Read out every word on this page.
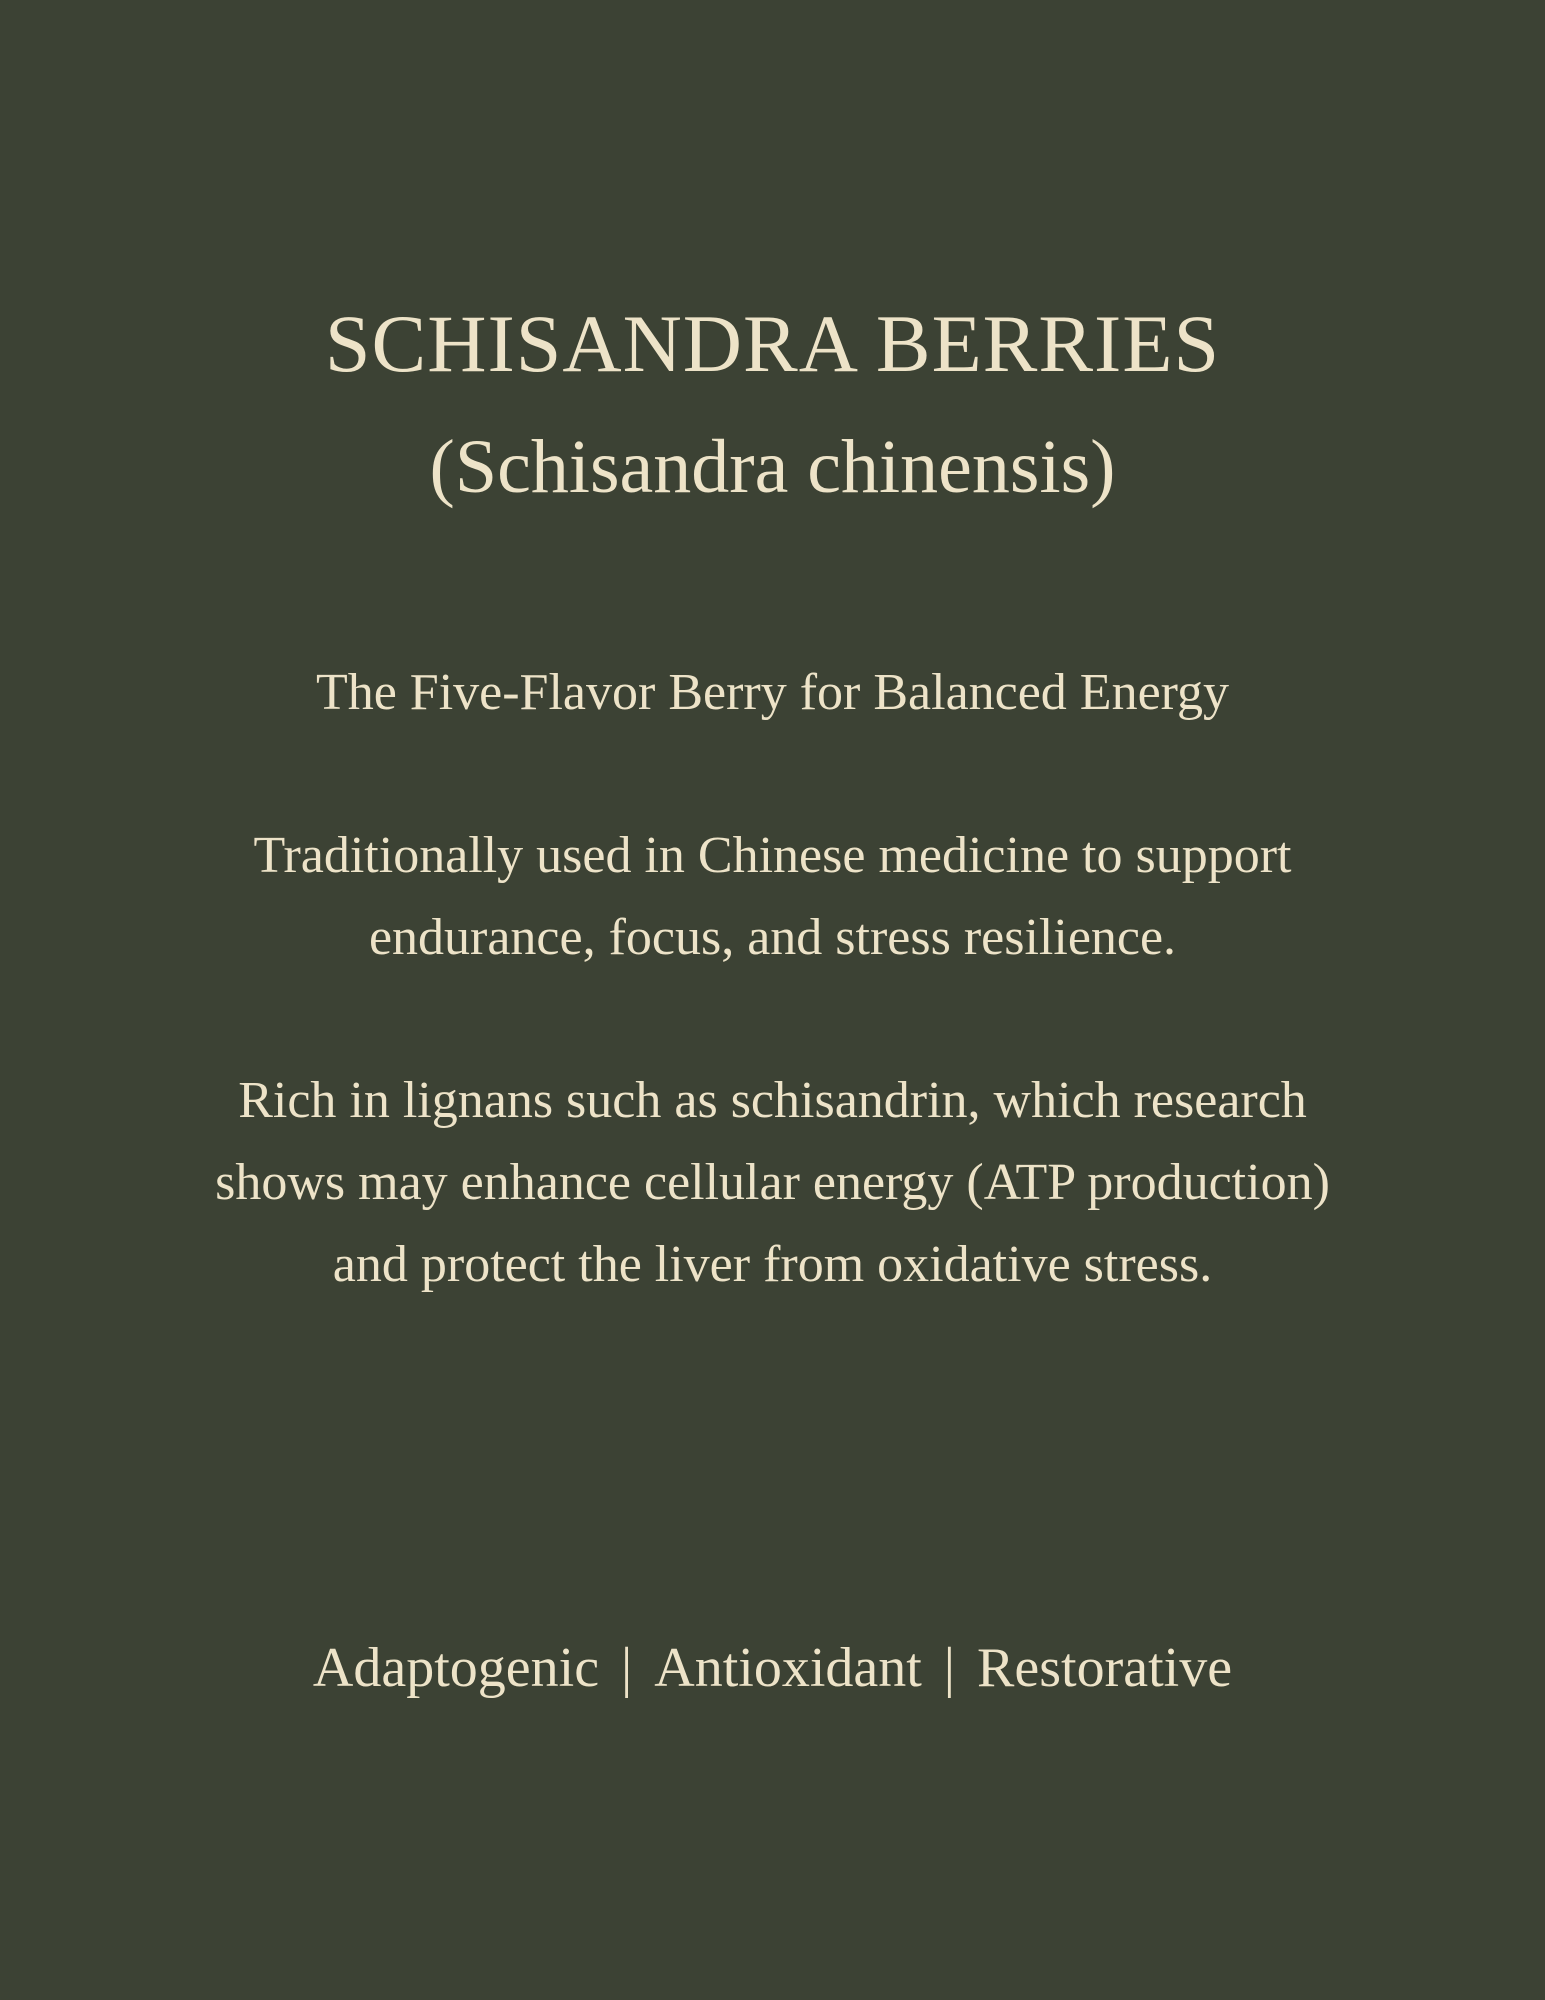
SCHISANDRA BERRIES
(Schisandra chinensis)

The Five-Flavor Berry for Balanced Energy

Traditionally used in Chinese medicine to support endurance, focus, and stress resilience.

Rich in lignans such as schisandrin, which research shows may enhance cellular energy (ATP production) and protect the liver from oxidative stress.

Adaptogenic | Antioxidant | Restorative
